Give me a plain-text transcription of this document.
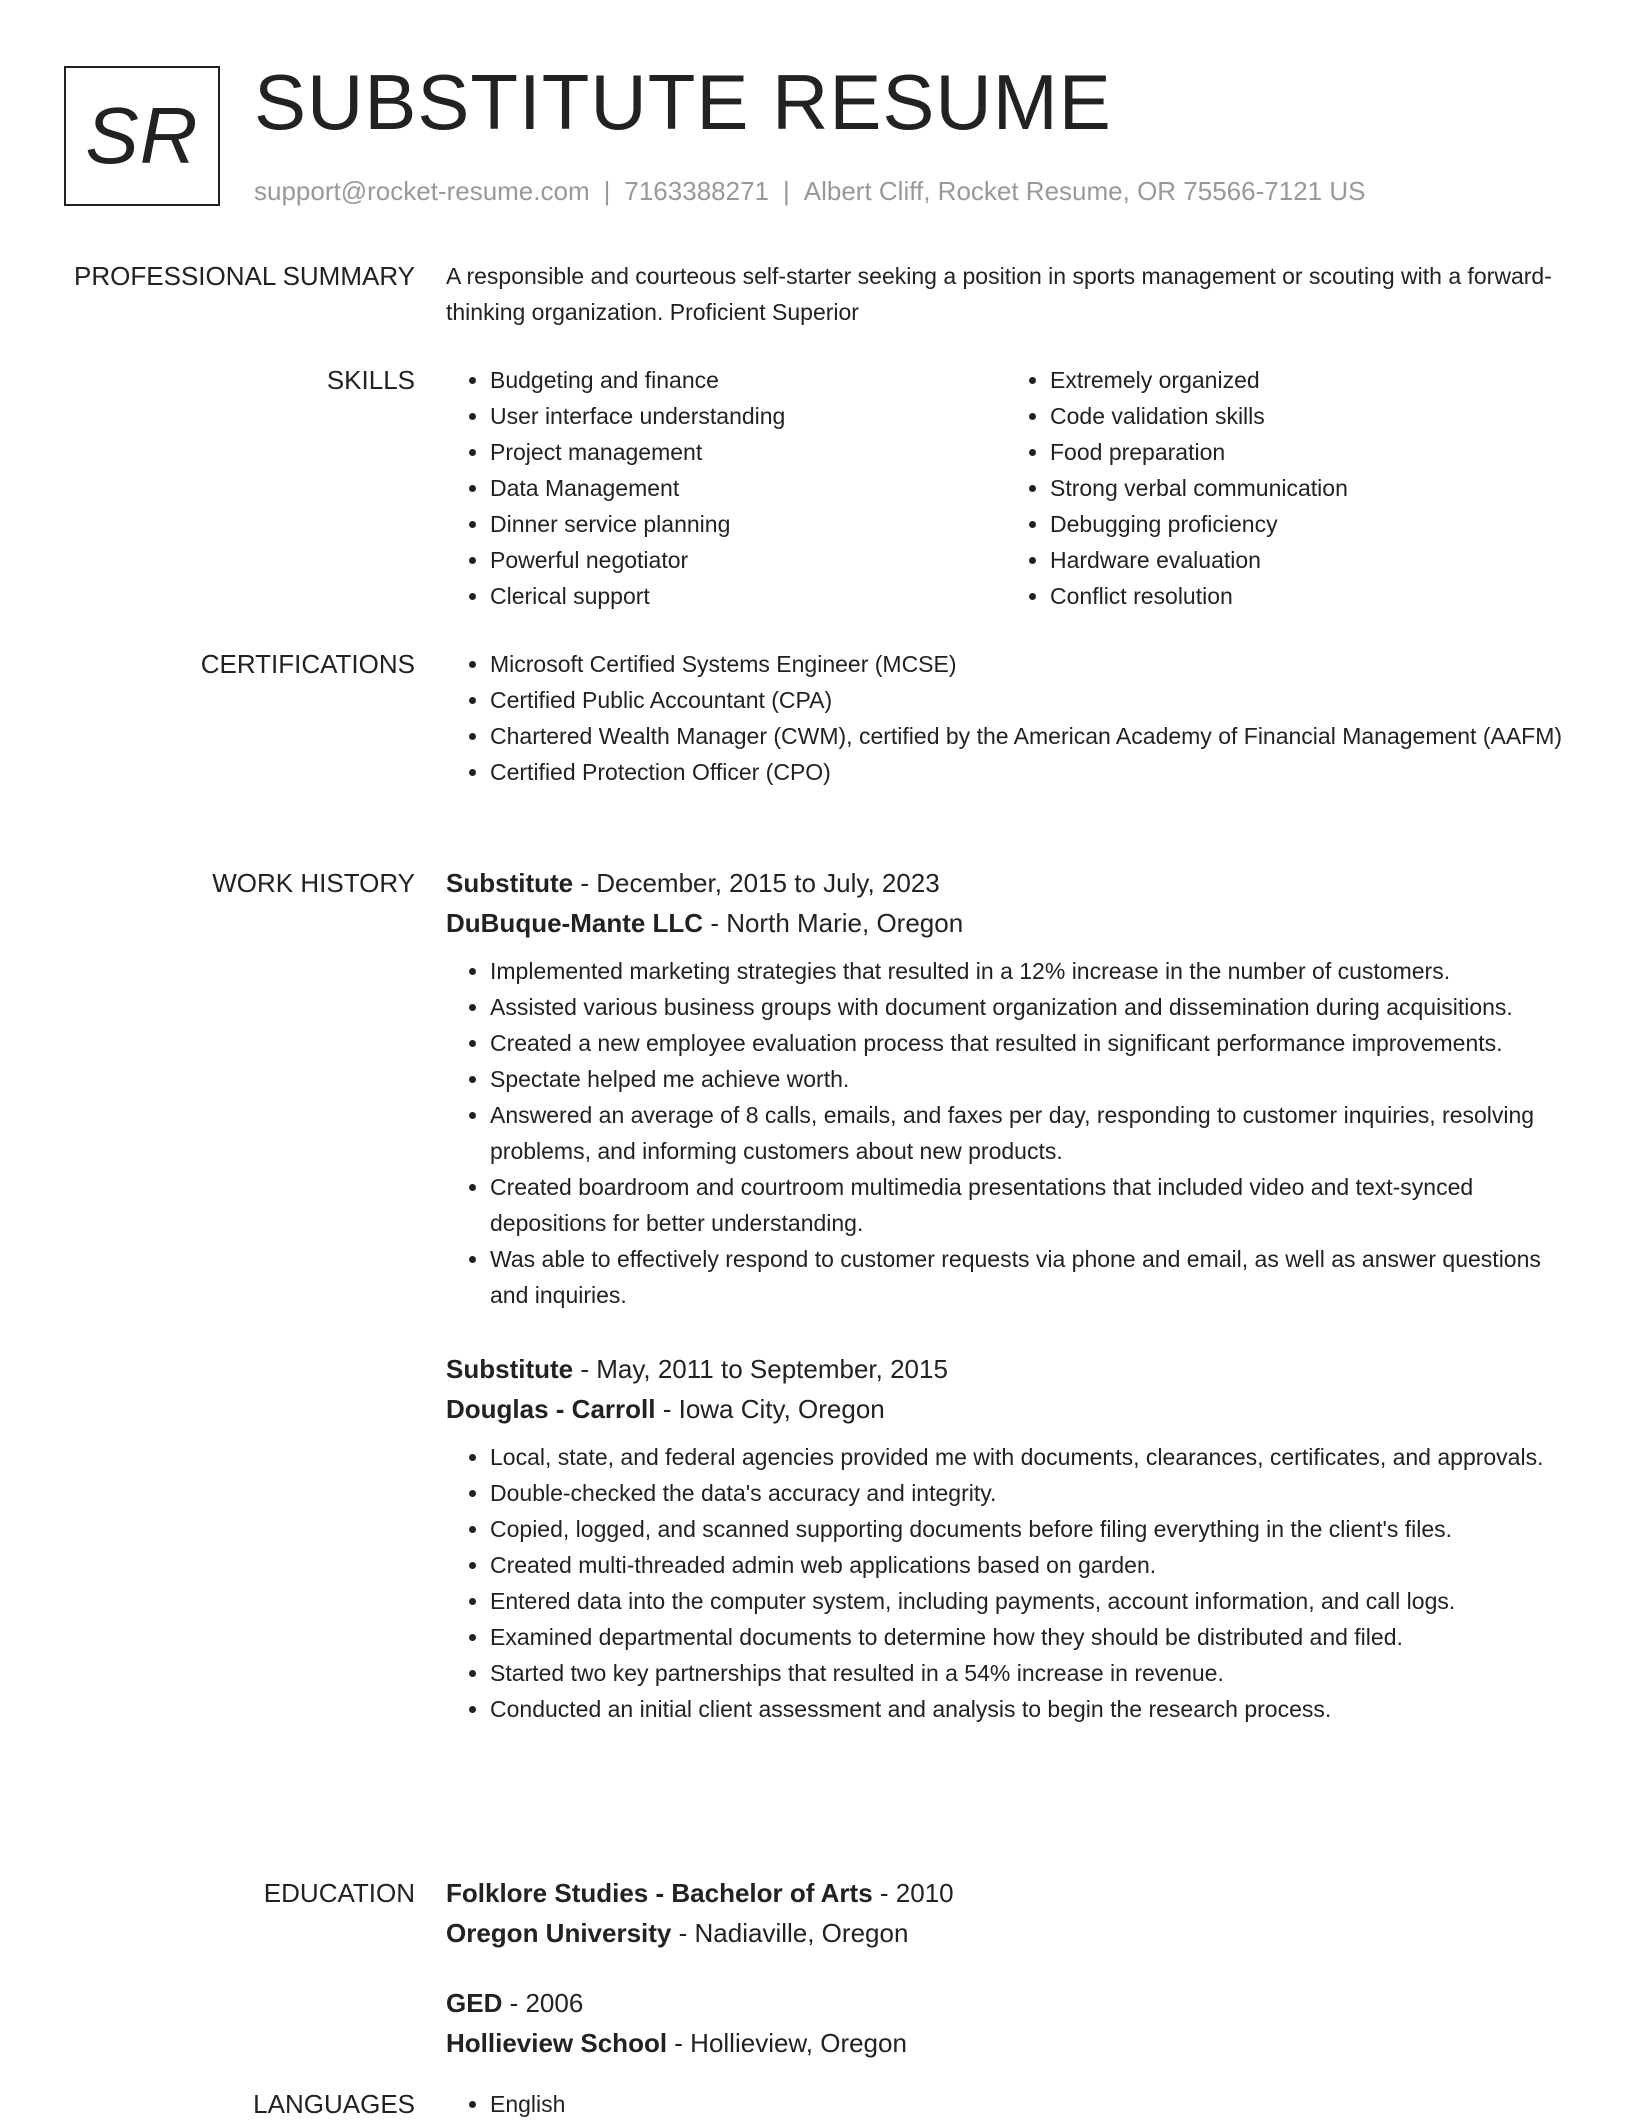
SR SUBSTITUTE RESUME
support@rocket-resume.com | 7163388271 | Albert Cliff, Rocket Resume, OR 75566-7121 US
PROFESSIONAL SUMMARY A responsible and courteous self-starter seeking a position in sports management or scouting with a forward-thinking organization. Proficient Superior
SKILLS	• Budgeting and finance
• User interface understanding
• Project management
• Data Management
• Dinner service planning
• Powerful negotiator
• Clerical support
• Extremely organized
• Code validation skills
• Food preparation
• Strong verbal communication
• Debugging proficiency
• Hardware evaluation
• Conflict resolution
CERTIFICATIONS	• Microsoft Certified Systems Engineer (MCSE)
• Certified Public Accountant (CPA)
• Chartered Wealth Manager (CWM), certified by the American Academy of Financial Management (AAFM)
• Certified Protection Officer (CPO)
WORK HISTORY Substitute - December, 2015 to July, 2023
DuBuque-Mante LLC - North Marie, Oregon
• Implemented marketing strategies that resulted in a 12% increase in the number of customers.
• Assisted various business groups with document organization and dissemination during acquisitions.
• Created a new employee evaluation process that resulted in significant performance improvements.
• Spectate helped me achieve worth.
• Answered an average of 8 calls, emails, and faxes per day, responding to customer inquiries, resolving problems, and informing customers about new products.
• Created boardroom and courtroom multimedia presentations that included video and text-synced depositions for better understanding.
• Was able to effectively respond to customer requests via phone and email, as well as answer questions and inquiries.
Substitute - May, 2011 to September, 2015
Douglas - Carroll - Iowa City, Oregon
• Local, state, and federal agencies provided me with documents, clearances, certificates, and approvals.
• Double-checked the data's accuracy and integrity.
• Copied, logged, and scanned supporting documents before filing everything in the client's files.
• Created multi-threaded admin web applications based on garden.
• Entered data into the computer system, including payments, account information, and call logs.
• Examined departmental documents to determine how they should be distributed and filed.
• Started two key partnerships that resulted in a 54% increase in revenue.
• Conducted an initial client assessment and analysis to begin the research process.
EDUCATION Folklore Studies - Bachelor of Arts - 2010
Oregon University - Nadiaville, Oregon
GED - 2006
Hollieview School - Hollieview, Oregon
LANGUAGES	• English
